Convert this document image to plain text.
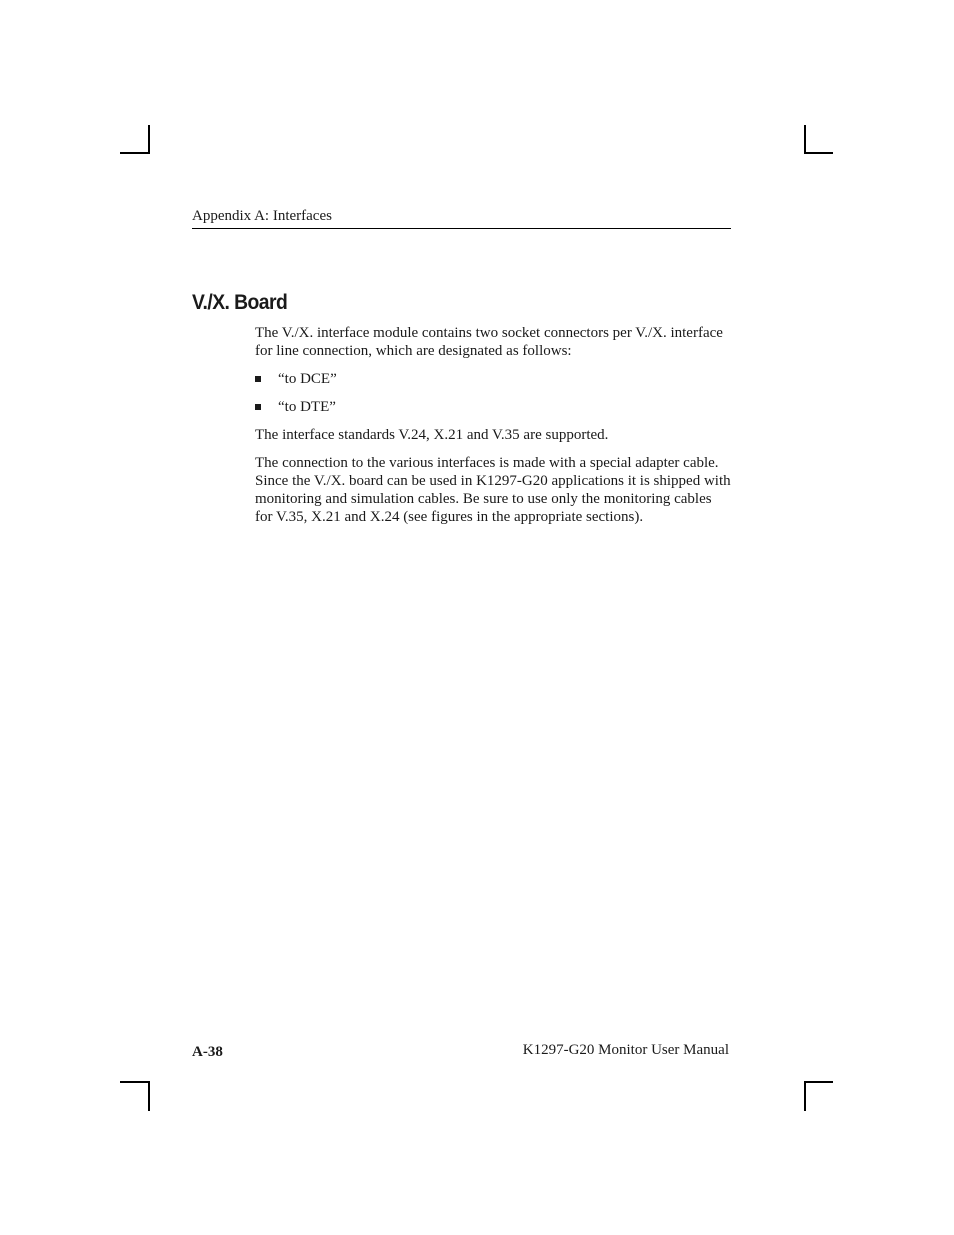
Appendix A: Interfaces
V./X. Board

The V./X. interface module contains two socket connectors per V./X. interface for line connection, which are designated as follows:

“to DCE”
“to DTE”

The interface standards V.24, X.21 and V.35 are supported.

The connection to the various interfaces is made with a special adapter cable. Since the V./X. board can be used in K1297-G20 applications it is shipped with monitoring and simulation cables. Be sure to use only the monitoring cables for V.35, X.21 and X.24 (see figures in the appropriate sections).

A-38	K1297-G20 Monitor User Manual
